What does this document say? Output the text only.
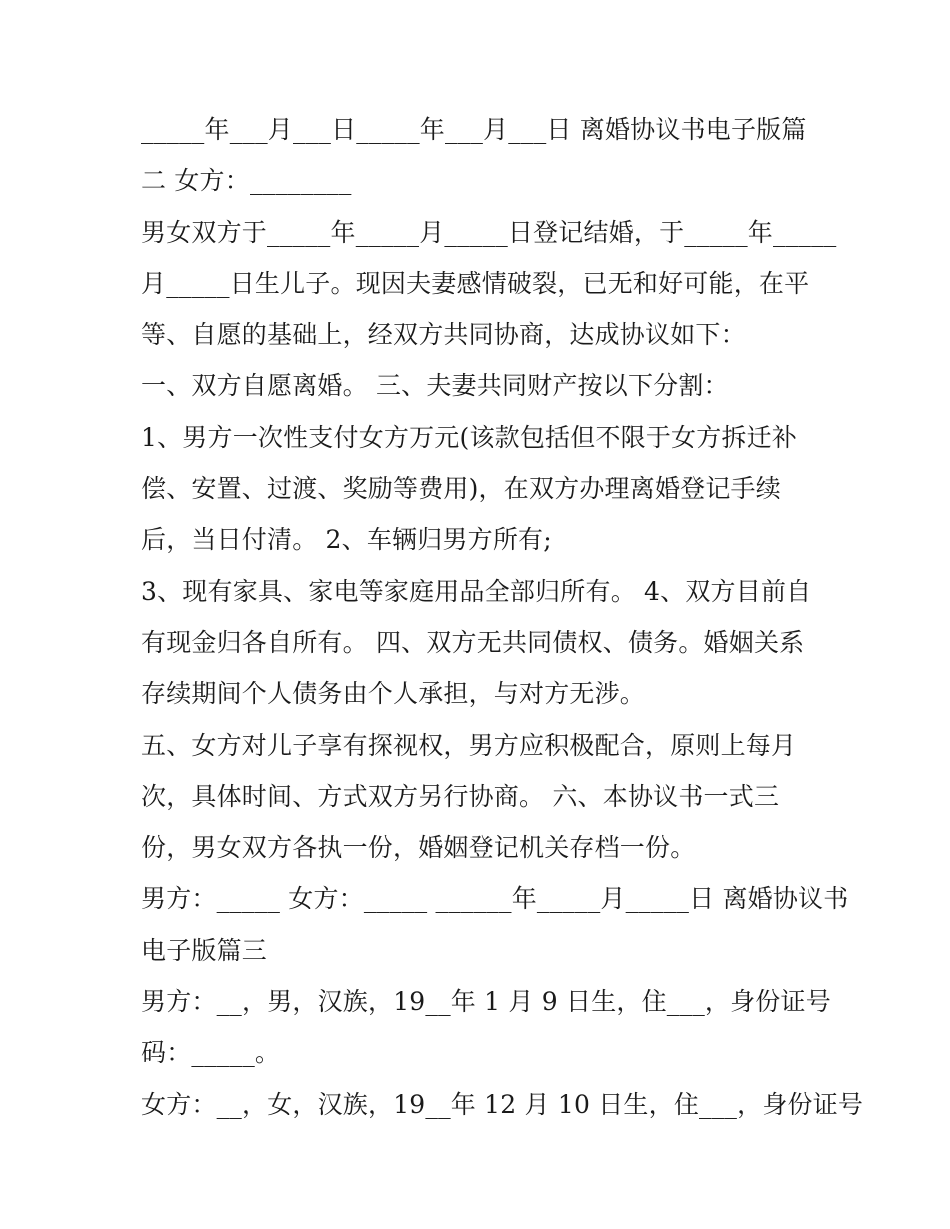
_____年___月___日_____年___月___日 离婚协议书电子版篇
二 女方：________
男女双方于_____年_____月_____日登记结婚，于_____年_____
月_____日生儿子。现因夫妻感情破裂，已无和好可能，在平
等、自愿的基础上，经双方共同协商，达成协议如下：
一、双方自愿离婚。 三、夫妻共同财产按以下分割：
1、男方一次性支付女方万元(该款包括但不限于女方拆迁补
偿、安置、过渡、奖励等费用)，在双方办理离婚登记手续
后，当日付清。 2、车辆归男方所有;
3、现有家具、家电等家庭用品全部归所有。 4、双方目前自
有现金归各自所有。 四、双方无共同债权、债务。婚姻关系
存续期间个人债务由个人承担，与对方无涉。
五、女方对儿子享有探视权，男方应积极配合，原则上每月
次，具体时间、方式双方另行协商。 六、本协议书一式三
份，男女双方各执一份，婚姻登记机关存档一份。
男方：_____ 女方：_____ ______年_____月_____日 离婚协议书
电子版篇三
男方：__，男，汉族，19__年 1 月 9 日生，住___，身份证号
码：_____。
女方：__，女，汉族，19__年 12 月 10 日生，住___，身份证号
